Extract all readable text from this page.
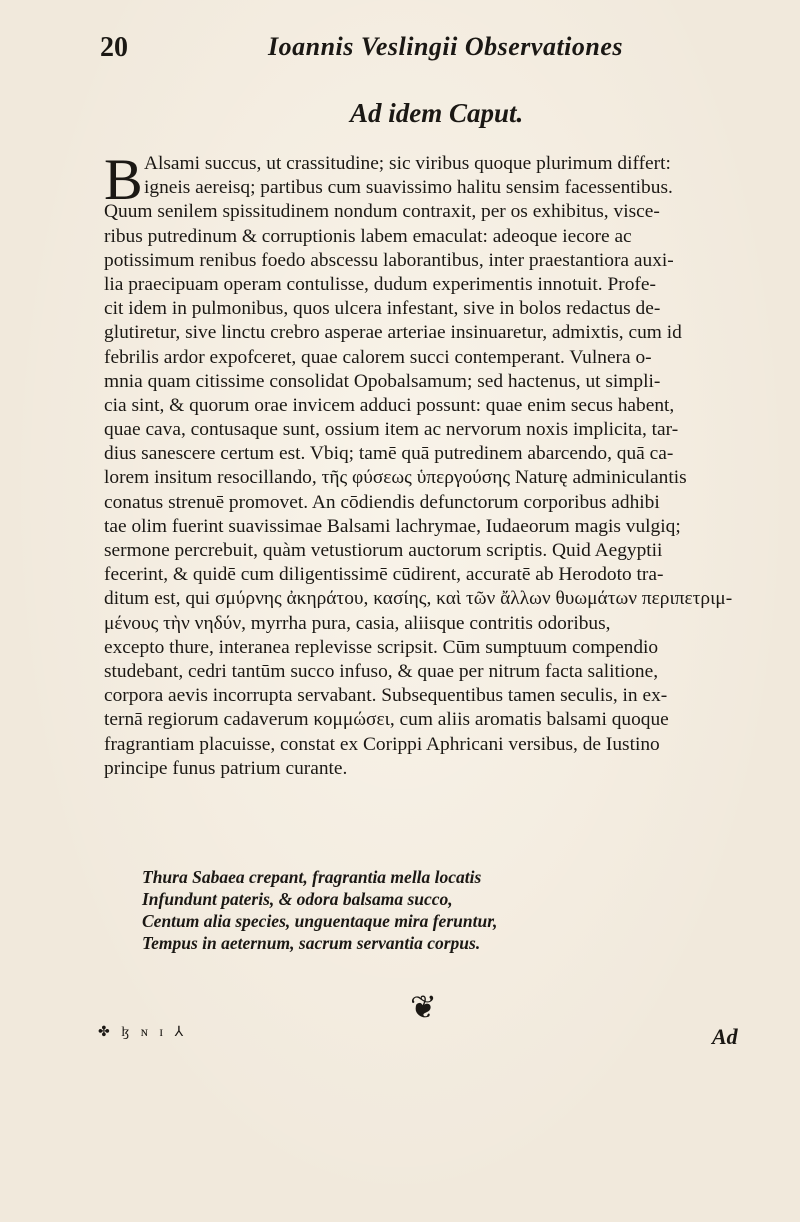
20	Ioannis Veslingii Observationes
Ad idem Caput.
B Alsami succus, ut crassitudine; sic viribus quoque plurimum differt:
igneis aereisq; partibus cum suavissimo halitu sensim facessentibus.
Quum senilem spissitudinem nondum contraxit, per os exhibitus, visce-
ribus putredinum & corruptionis labem emaculat: adeoque iecore ac
potissimum renibus foedo abscessu laborantibus, inter praestantiora auxi-
lia praecipuam operam contulisse, dudum experimentis innotuit. Profe-
cit idem in pulmonibus, quos ulcera infestant, sive in bolos redactus de-
glutiretur, sive linctu crebro asperae arteriae insinuaretur, admixtis, cum id
febrilis ardor expofceret, quae calorem succi contemperant. Vulnera o-
mnia quam citissime consolidat Opobalsamum; sed hactenus, ut simpli-
cia sint, & quorum orae invicem adduci possunt: quae enim secus habent,
quae cava, contusaque sunt, ossium item ac nervorum noxis implicita, tar-
dius sanescere certum est. Vbiq; tamē quā putredinem abarcendo, quā ca-
lorem insitum resocillando, τῆς φύσεως ὑπεργούσης Naturę adminiculantis
conatus strenuē promovet. An cōdiendis defunctorum corporibus adhibi
tae olim fuerint suavissimae Balsami lachrymae, Iudaeorum magis vulgiq;
sermone percrebuit, quàm vetustiorum auctorum scriptis. Quid Aegyptii
fecerint, & quidē cum diligentissimē cūdirent, accuratē ab Herodoto tra-
ditum est, qui σμύρνης ἀκηράτου, κασίης, καὶ τῶν ἄλλων θυωμάτων περιπετριμ-
μένους τὴν νηδύν, myrrha pura, casia, aliisque contritis odoribus,
excepto thure, interanea replevisse scripsit. Cūm sumptuum compendio
studebant, cedri tantūm succo infuso, & quae per nitrum facta salitione,
corpora aevis incorrupta servabant. Subsequentibus tamen seculis, in ex-
ternā regiorum cadaverum κομμώσει, cum aliis aromatis balsami quoque
fragrantiam placuisse, constat ex Corippi Aphricani versibus, de Iustino
principe funus patrium curante.
Thura Sabaea crepant, fragrantia mella locatis
Infundunt pateris, & odora balsama succo,
Centum alia species, unguentaque mira feruntur,
Tempus in aeternum, sacrum servantia corpus.
❦
✤ ɮ ɴ ɪ ⅄	Ad
